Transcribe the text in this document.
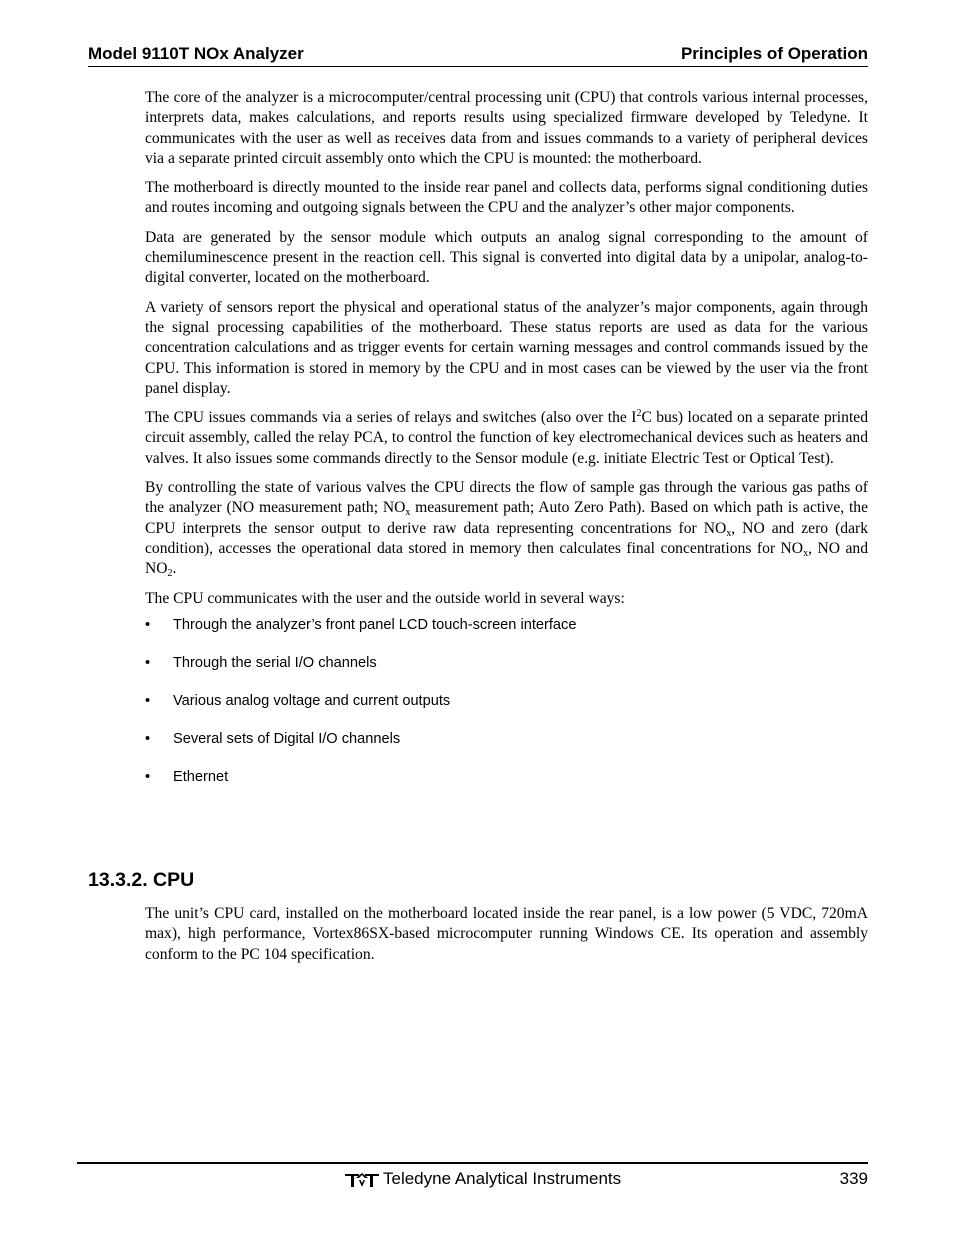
Model 9110T NOx Analyzer	Principles of Operation

The core of the analyzer is a microcomputer/central processing unit (CPU) that controls various internal processes, interprets data, makes calculations, and reports results using specialized firmware developed by Teledyne. It communicates with the user as well as receives data from and issues commands to a variety of peripheral devices via a separate printed circuit assembly onto which the CPU is mounted: the motherboard.

The motherboard is directly mounted to the inside rear panel and collects data, performs signal conditioning duties and routes incoming and outgoing signals between the CPU and the analyzer’s other major components.

Data are generated by the sensor module which outputs an analog signal corresponding to the amount of chemiluminescence present in the reaction cell. This signal is converted into digital data by a unipolar, analog-to-digital converter, located on the motherboard.

A variety of sensors report the physical and operational status of the analyzer’s major components, again through the signal processing capabilities of the motherboard. These status reports are used as data for the various concentration calculations and as trigger events for certain warning messages and control commands issued by the CPU. This information is stored in memory by the CPU and in most cases can be viewed by the user via the front panel display.

The CPU issues commands via a series of relays and switches (also over the $I^2C$ bus) located on a separate printed circuit assembly, called the relay PCA, to control the function of key electromechanical devices such as heaters and valves. It also issues some commands directly to the Sensor module (e.g. initiate Electric Test or Optical Test).

By controlling the state of various valves the CPU directs the flow of sample gas through the various gas paths of the analyzer (NO measurement path; $NO_x$ measurement path; Auto Zero Path). Based on which path is active, the CPU interprets the sensor output to derive raw data representing concentrations for $NO_x$, NO and zero (dark condition), accesses the operational data stored in memory then calculates final concentrations for $NO_x$, NO and $NO_2$.

The CPU communicates with the user and the outside world in several ways:

• Through the analyzer’s front panel LCD touch-screen interface
• Through the serial I/O channels
• Various analog voltage and current outputs
• Several sets of Digital I/O channels
• Ethernet
13.3.2. CPU
The unit’s CPU card, installed on the motherboard located inside the rear panel, is a low power (5 VDC, 720mA max), high performance, Vortex86SX-based microcomputer running Windows CE. Its operation and assembly conform to the PC 104 specification.
Teledyne Analytical Instruments	339
